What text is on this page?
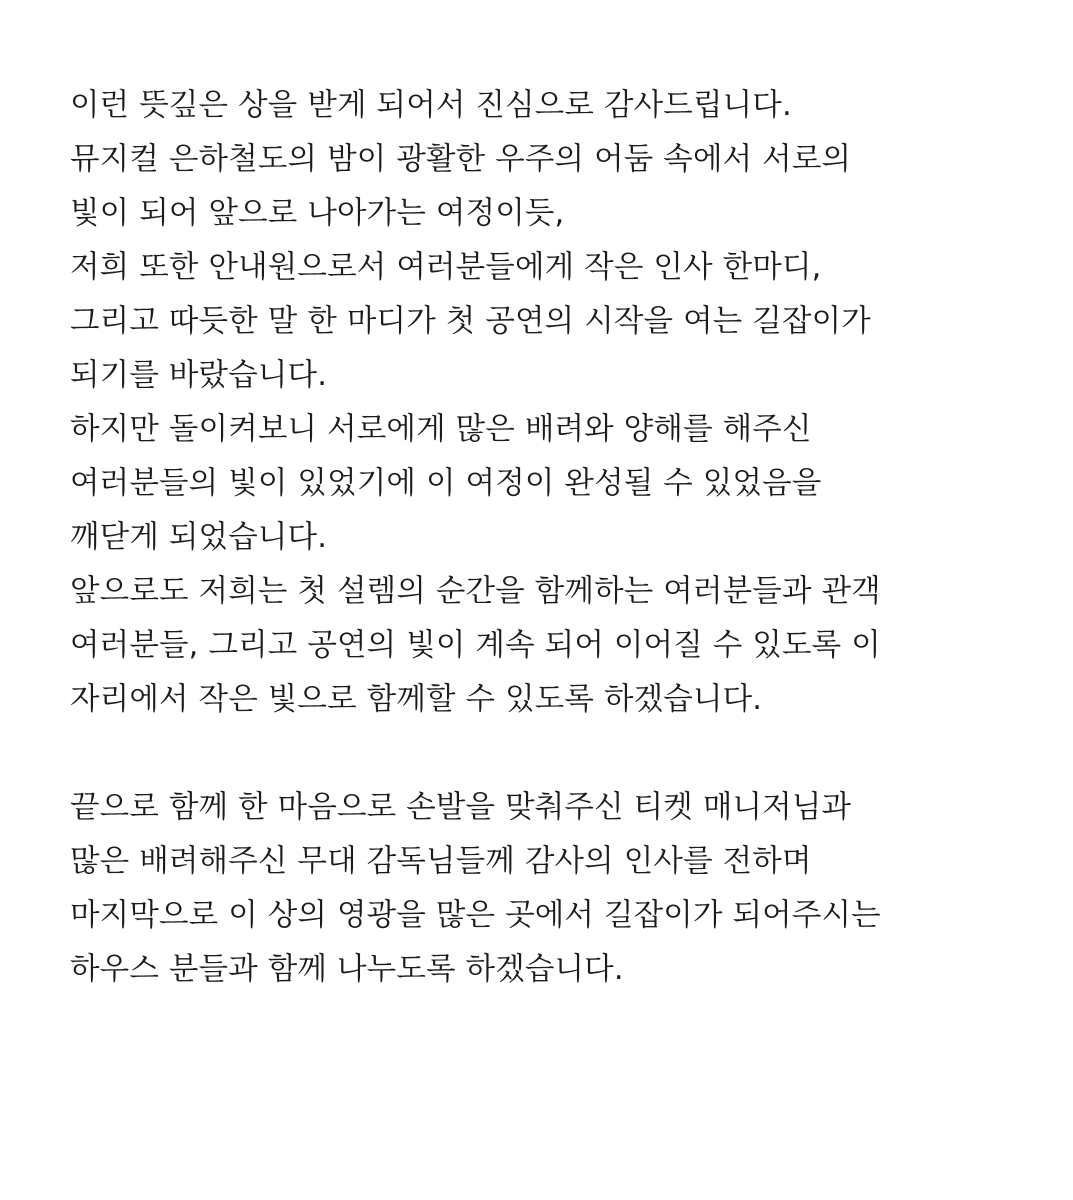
이런 뜻깊은 상을 받게 되어서 진심으로 감사드립니다.
뮤지컬 은하철도의 밤이 광활한 우주의 어둠 속에서 서로의
빛이 되어 앞으로 나아가는 여정이듯,
저희 또한 안내원으로서 여러분들에게 작은 인사 한마디,
그리고 따듯한 말 한 마디가 첫 공연의 시작을 여는 길잡이가
되기를 바랐습니다.
하지만 돌이켜보니 서로에게 많은 배려와 양해를 해주신
여러분들의 빛이 있었기에 이 여정이 완성될 수 있었음을
깨닫게 되었습니다.
앞으로도 저희는 첫 설렘의 순간을 함께하는 여러분들과 관객
여러분들, 그리고 공연의 빛이 계속 되어 이어질 수 있도록 이
자리에서 작은 빛으로 함께할 수 있도록 하겠습니다.
끝으로 함께 한 마음으로 손발을 맞춰주신 티켓 매니저님과
많은 배려해주신 무대 감독님들께 감사의 인사를 전하며
마지막으로 이 상의 영광을 많은 곳에서 길잡이가 되어주시는
하우스 분들과 함께 나누도록 하겠습니다.
